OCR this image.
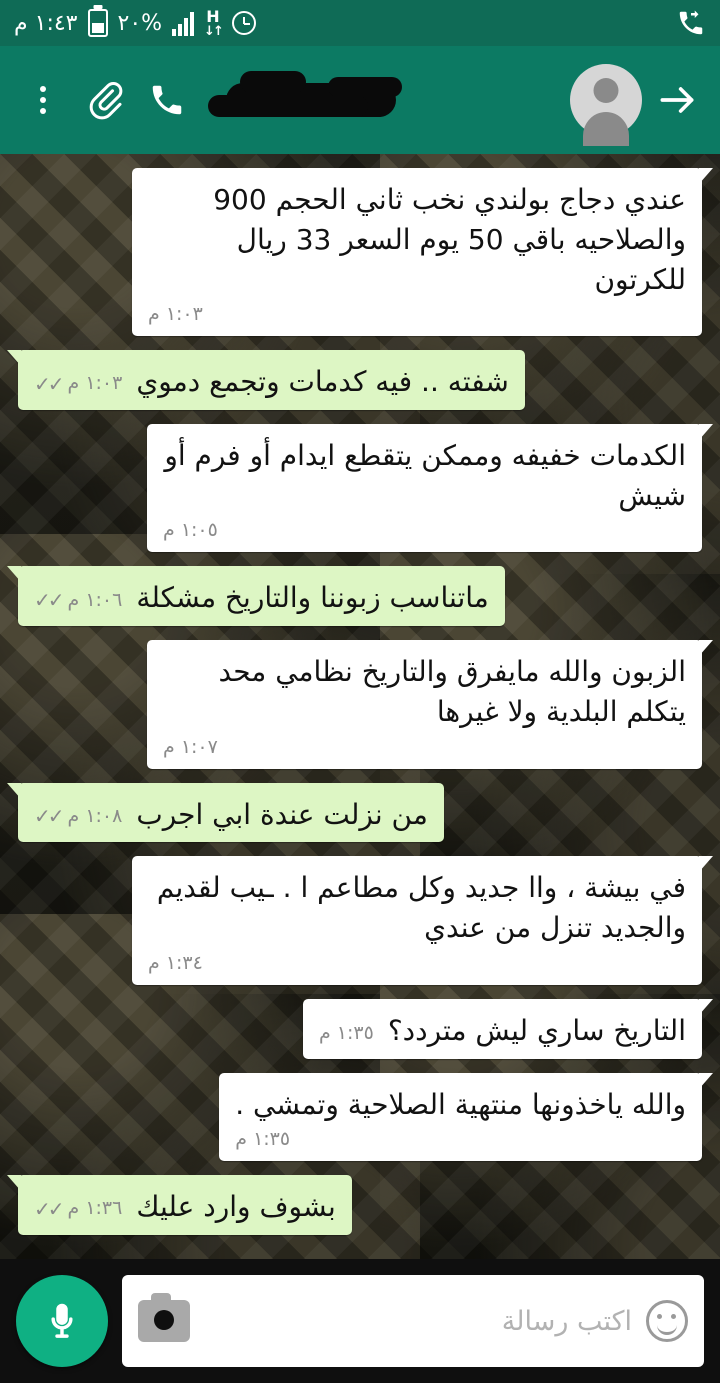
١:٤٣ م ٢٠%	H
↓↑
عندي دجاج بولندي نخب ثاني الحجم 900 والصلاحيه باقي 50 يوم السعر 33 ريال للكرتون
١:٠٣ م
شفته .. فيه كدمات وتجمع دموي
✓✓ ١:٠٣ م
الكدمات خفيفه وممكن يتقطع ايدام أو فرم أو شيش
١:٠٥ م
ماتناسب زبوننا والتاريخ مشكلة
✓✓ ١:٠٦ م
الزبون والله مايفرق والتاريخ نظامي محد يتكلم البلدية ولا غيرها
١:٠٧ م
من نزلت عندة ابي اجرب
✓✓ ١:٠٨ م
في بيشة ، واا جديد وكل مطاعم ا . ـيب لقديم والجديد تنزل من عندي
١:٣٤ م
التاريخ ساري ليش متردد؟
١:٣٥ م
والله ياخذونها منتهية الصلاحية وتمشي .
١:٣٥ م
بشوف وارد عليك
✓✓ ١:٣٦ م
اكتب رسالة
